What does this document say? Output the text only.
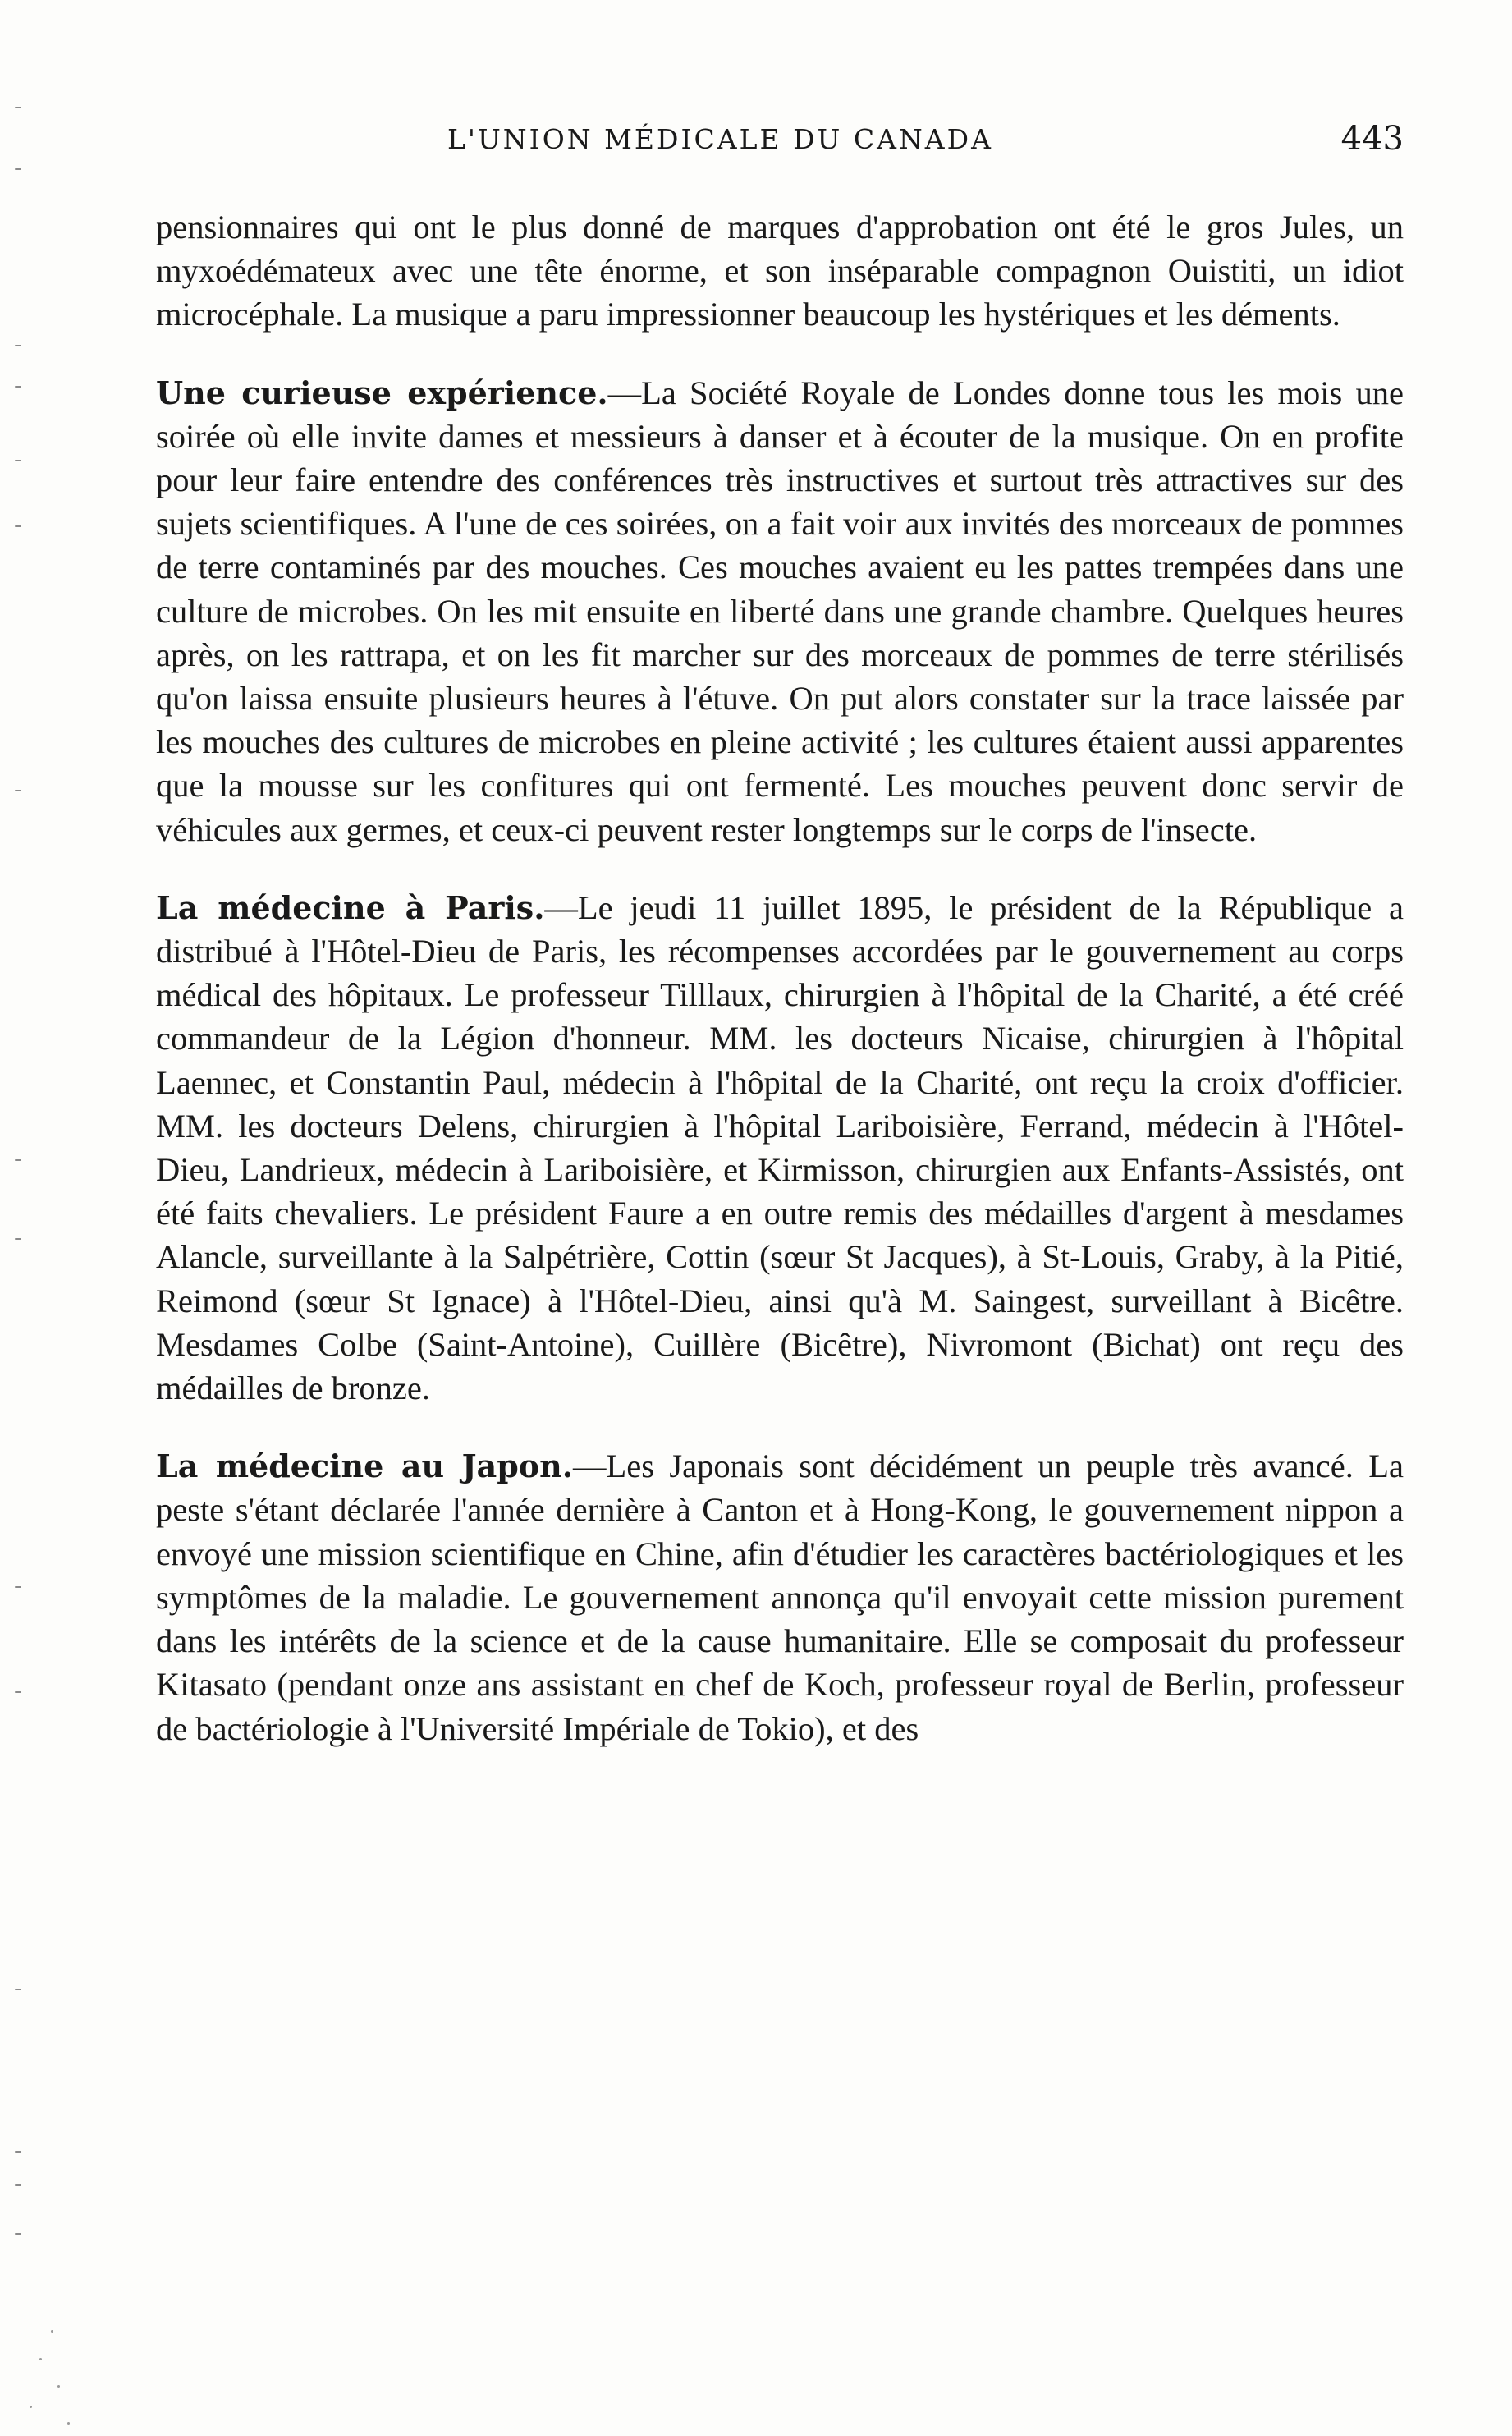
L'UNION MÉDICALE DU CANADA	443

pensionnaires qui ont le plus donné de marques d'approbation ont été le gros Jules, un myxoédémateux avec une tête énorme, et son inséparable compagnon Ouistiti, un idiot microcéphale. La musique a paru impressionner beaucoup les hystériques et les déments.

Une curieuse expérience.—La Société Royale de Londes donne tous les mois une soirée où elle invite dames et messieurs à danser et à écouter de la musique. On en profite pour leur faire entendre des conférences très instructives et surtout très attractives sur des sujets scientifiques. A l'une de ces soirées, on a fait voir aux invités des morceaux de pommes de terre contaminés par des mouches. Ces mouches avaient eu les pattes trempées dans une culture de microbes. On les mit ensuite en liberté dans une grande chambre. Quelques heures après, on les rattrapa, et on les fit marcher sur des morceaux de pommes de terre stérilisés qu'on laissa ensuite plusieurs heures à l'étuve. On put alors constater sur la trace laissée par les mouches des cultures de microbes en pleine activité ; les cultures étaient aussi apparentes que la mousse sur les confitures qui ont fermenté. Les mouches peuvent donc servir de véhicules aux germes, et ceux-ci peuvent rester longtemps sur le corps de l'insecte.

La médecine à Paris.—Le jeudi 11 juillet 1895, le président de la République a distribué à l'Hôtel-Dieu de Paris, les récompenses accordées par le gouvernement au corps médical des hôpitaux. Le professeur Tilllaux, chirurgien à l'hôpital de la Charité, a été créé commandeur de la Légion d'honneur. MM. les docteurs Nicaise, chirurgien à l'hôpital Laennec, et Constantin Paul, médecin à l'hôpital de la Charité, ont reçu la croix d'officier. MM. les docteurs Delens, chirurgien à l'hôpital Lariboisière, Ferrand, médecin à l'Hôtel-Dieu, Landrieux, médecin à Lariboisière, et Kirmisson, chirurgien aux Enfants-Assistés, ont été faits chevaliers. Le président Faure a en outre remis des médailles d'argent à mesdames Alancle, surveillante à la Salpétrière, Cottin (sœur St Jacques), à St-Louis, Graby, à la Pitié, Reimond (sœur St Ignace) à l'Hôtel-Dieu, ainsi qu'à M. Saingest, surveillant à Bicêtre. Mesdames Colbe (Saint-Antoine), Cuillère (Bicêtre), Nivromont (Bichat) ont reçu des médailles de bronze.

La médecine au Japon.—Les Japonais sont décidément un peuple très avancé. La peste s'étant déclarée l'année dernière à Canton et à Hong-Kong, le gouvernement nippon a envoyé une mission scientifique en Chine, afin d'étudier les caractères bactériologiques et les symptômes de la maladie. Le gouvernement annonça qu'il envoyait cette mission purement dans les intérêts de la science et de la cause humanitaire. Elle se composait du professeur Kitasato (pendant onze ans assistant en chef de Koch, professeur royal de Berlin, professeur de bactériologie à l'Université Impériale de Tokio), et des
